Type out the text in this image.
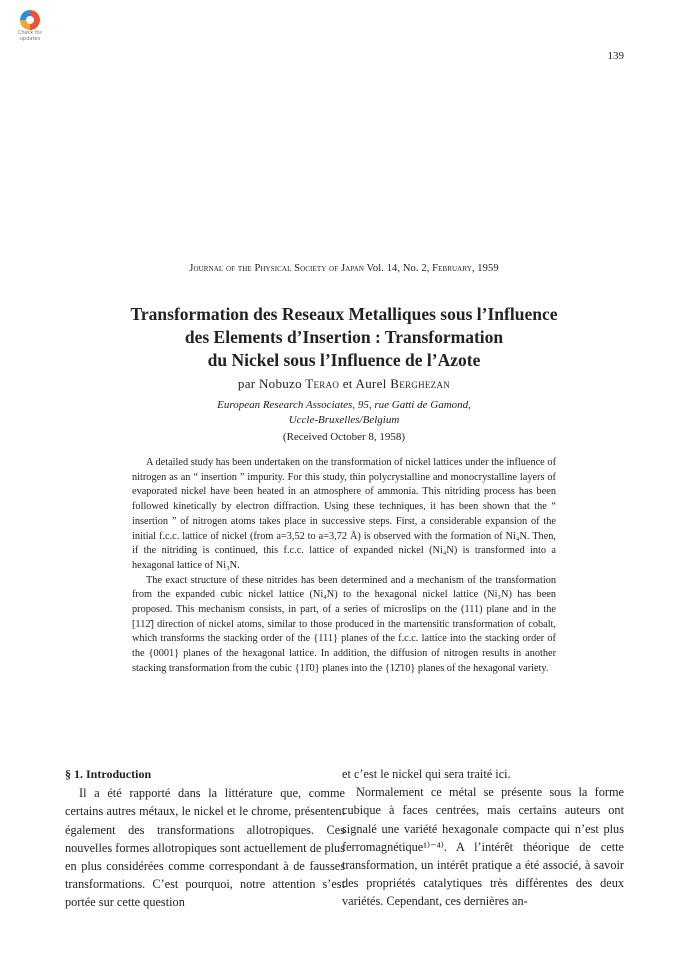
Check for updates
139
Journal of the Physical Society of Japan Vol. 14, No. 2, February, 1959
Transformation des Reseaux Metalliques sous l’Influence
des Elements d’Insertion : Transformation
du Nickel sous l’Influence de l’Azote
par Nobuzo Terao et Aurel Berghezan
European Research Associates, 95, rue Gatti de Gamond,
Uccle-Bruxelles/Belgium
(Received October 8, 1958)

A detailed study has been undertaken on the transformation of nickel lattices under the influence of nitrogen as an “ insertion ” impurity. For this study, thin polycrystalline and monocrystalline layers of evaporated nickel have been heated in an atmosphere of ammonia. This nitriding process has been followed kinetically by electron diffraction. Using these techniques, it has been shown that the “ insertion ” of nitrogen atoms takes place in successive steps. First, a considerable expansion of the initial f.c.c. lattice of nickel (from a=3,52 to a=3,72 Å) is observed with the formation of Ni₄N. Then, if the nitriding is continued, this f.c.c. lattice of expanded nickel (Ni₄N) is transformed into a hexagonal lattice of Ni₃N.

The exact structure of these nitrides has been determined and a mechanism of the transformation from the expanded cubic nickel lattice (Ni₄N) to the hexagonal nickel lattice (Ni₃N) has been proposed. This mechanism consists, in part, of a series of microslips on the (111) plane and in the [112̄] direction of nickel atoms, similar to those produced in the martensitic transformation of cobalt, which transforms the stacking order of the {111} planes of the f.c.c. lattice into the stacking order of the {0001} planes of the hexagonal lattice. In addition, the diffusion of nitrogen results in another stacking transformation from the cubic {11̄0} planes into the {12̄10} planes of the hexagonal variety.

§ 1. Introduction

Il a été rapporté dans la littérature que, comme certains autres métaux, le nickel et le chrome, présentent également des transformations allotropiques. Ces nouvelles formes allotropiques sont actuellement de plus en plus considérées comme correspondant à de fausses transformations. C’est pourquoi, notre attention s’est portée sur cette question

et c’est le nickel qui sera traité ici.

Normalement ce métal se présente sous la forme cubique à faces centrées, mais certains auteurs ont signalé une variété hexagonale compacte qui n’est plus ferromagnétique¹⁾⁻⁴⁾. A l’intérêt théorique de cette transformation, un intérêt pratique a été associé, à savoir des propriétés catalytiques très différentes des deux variétés. Cependant, ces dernières an-
